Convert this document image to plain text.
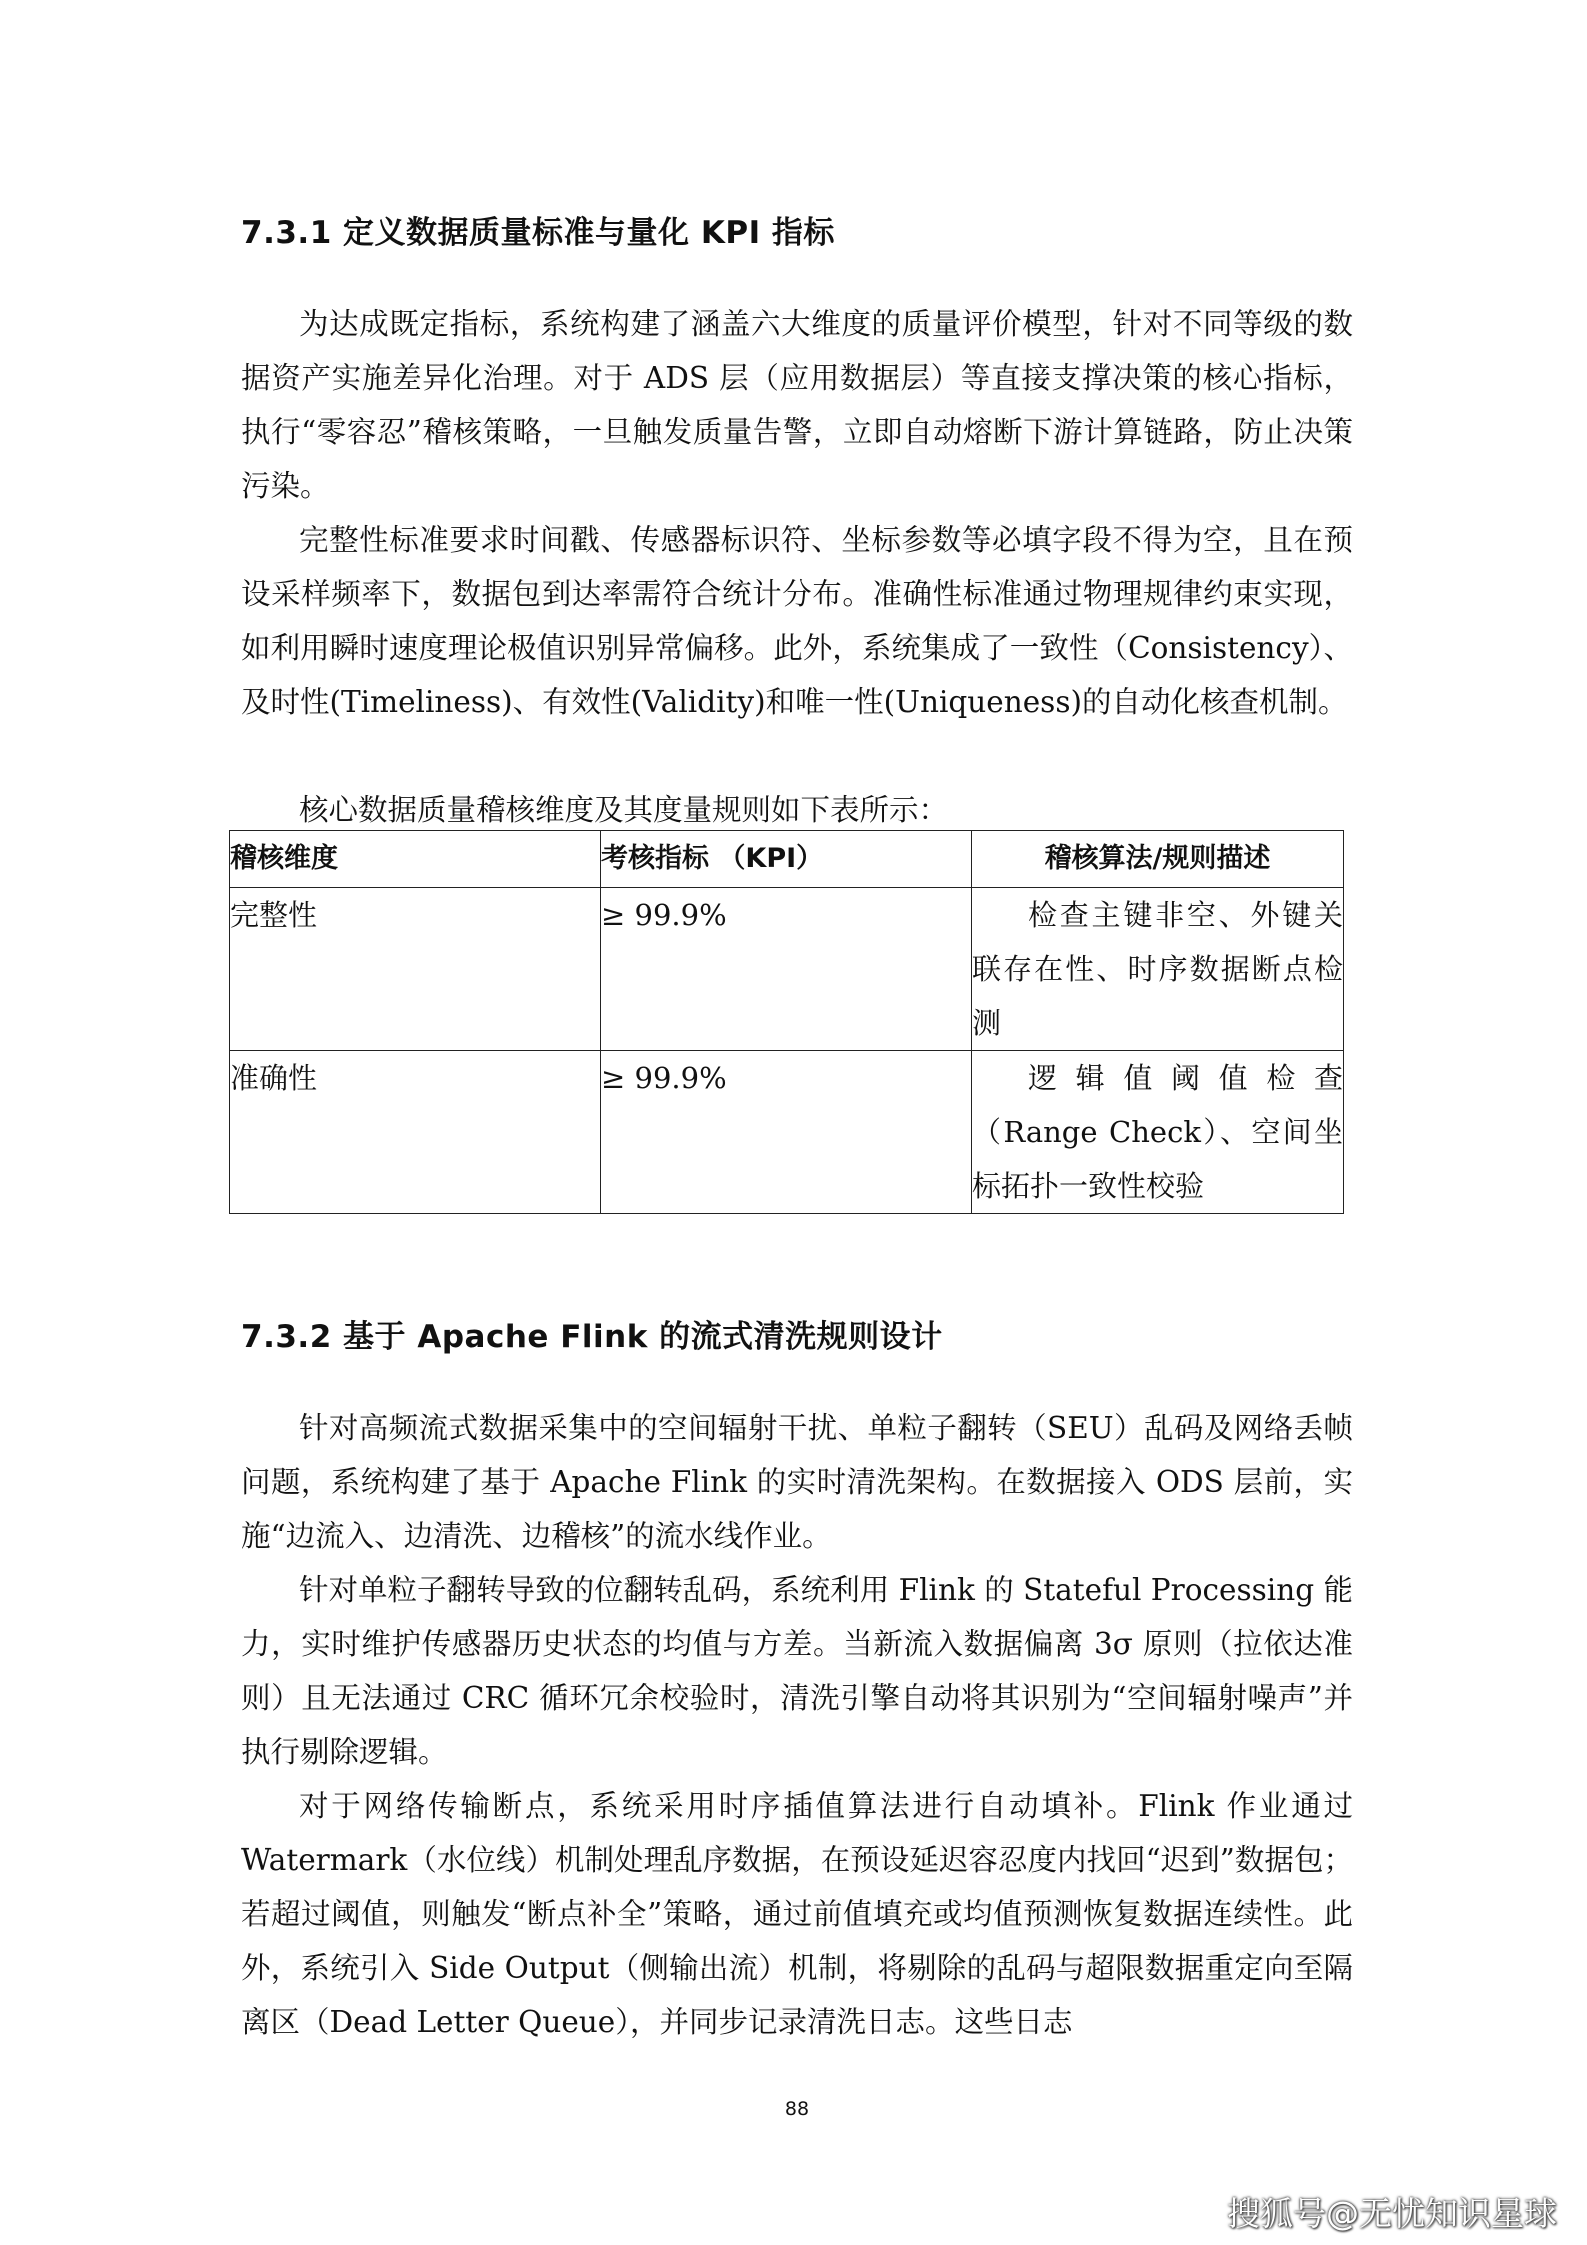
7.3.1 定义数据质量标准与量化 KPI 指标

为达成既定指标，系统构建了涵盖六大维度的质量评价模型，针对不同等级的数据资产实施差异化治理。对于 ADS 层（应用数据层）等直接支撑决策的核心指标，执行“零容忍”稽核策略，一旦触发质量告警，立即自动熔断下游计算链路，防止决策污染。

完整性标准要求时间戳、传感器标识符、坐标参数等必填字段不得为空，且在预设采样频率下，数据包到达率需符合统计分布。准确性标准通过物理规律约束实现，如利用瞬时速度理论极值识别异常偏移。此外，系统集成了一致性（Consistency）、及时性(Timeliness)、有效性(Validity)和唯一性(Uniqueness)的自动化核查机制。

核心数据质量稽核维度及其度量规则如下表所示：
稽核维度	考核指标 （KPI）	稽核算法/规则描述
完整性	≥ 99.9%	检查主键非空、外键关联存在性、时序数据断点检测
准确性	≥ 99.9%	逻辑值阈值检查（Range Check）、空间坐标拓扑一致性校验
7.3.2 基于 Apache Flink 的流式清洗规则设计

针对高频流式数据采集中的空间辐射干扰、单粒子翻转（SEU）乱码及网络丢帧问题，系统构建了基于 Apache Flink 的实时清洗架构。在数据接入 ODS 层前，实施“边流入、边清洗、边稽核”的流水线作业。

针对单粒子翻转导致的位翻转乱码，系统利用 Flink 的 Stateful Processing 能力，实时维护传感器历史状态的均值与方差。当新流入数据偏离 3σ 原则（拉依达准则）且无法通过 CRC 循环冗余校验时，清洗引擎自动将其识别为“空间辐射噪声”并执行剔除逻辑。

对于网络传输断点，系统采用时序插值算法进行自动填补。Flink 作业通过 Watermark（水位线）机制处理乱序数据，在预设延迟容忍度内找回“迟到”数据包；若超过阈值，则触发“断点补全”策略，通过前值填充或均值预测恢复数据连续性。此外，系统引入 Side Output（侧输出流）机制，将剔除的乱码与超限数据重定向至隔离区（Dead Letter Queue），并同步记录清洗日志。这些日志

88
搜狐号@无忧知识星球
